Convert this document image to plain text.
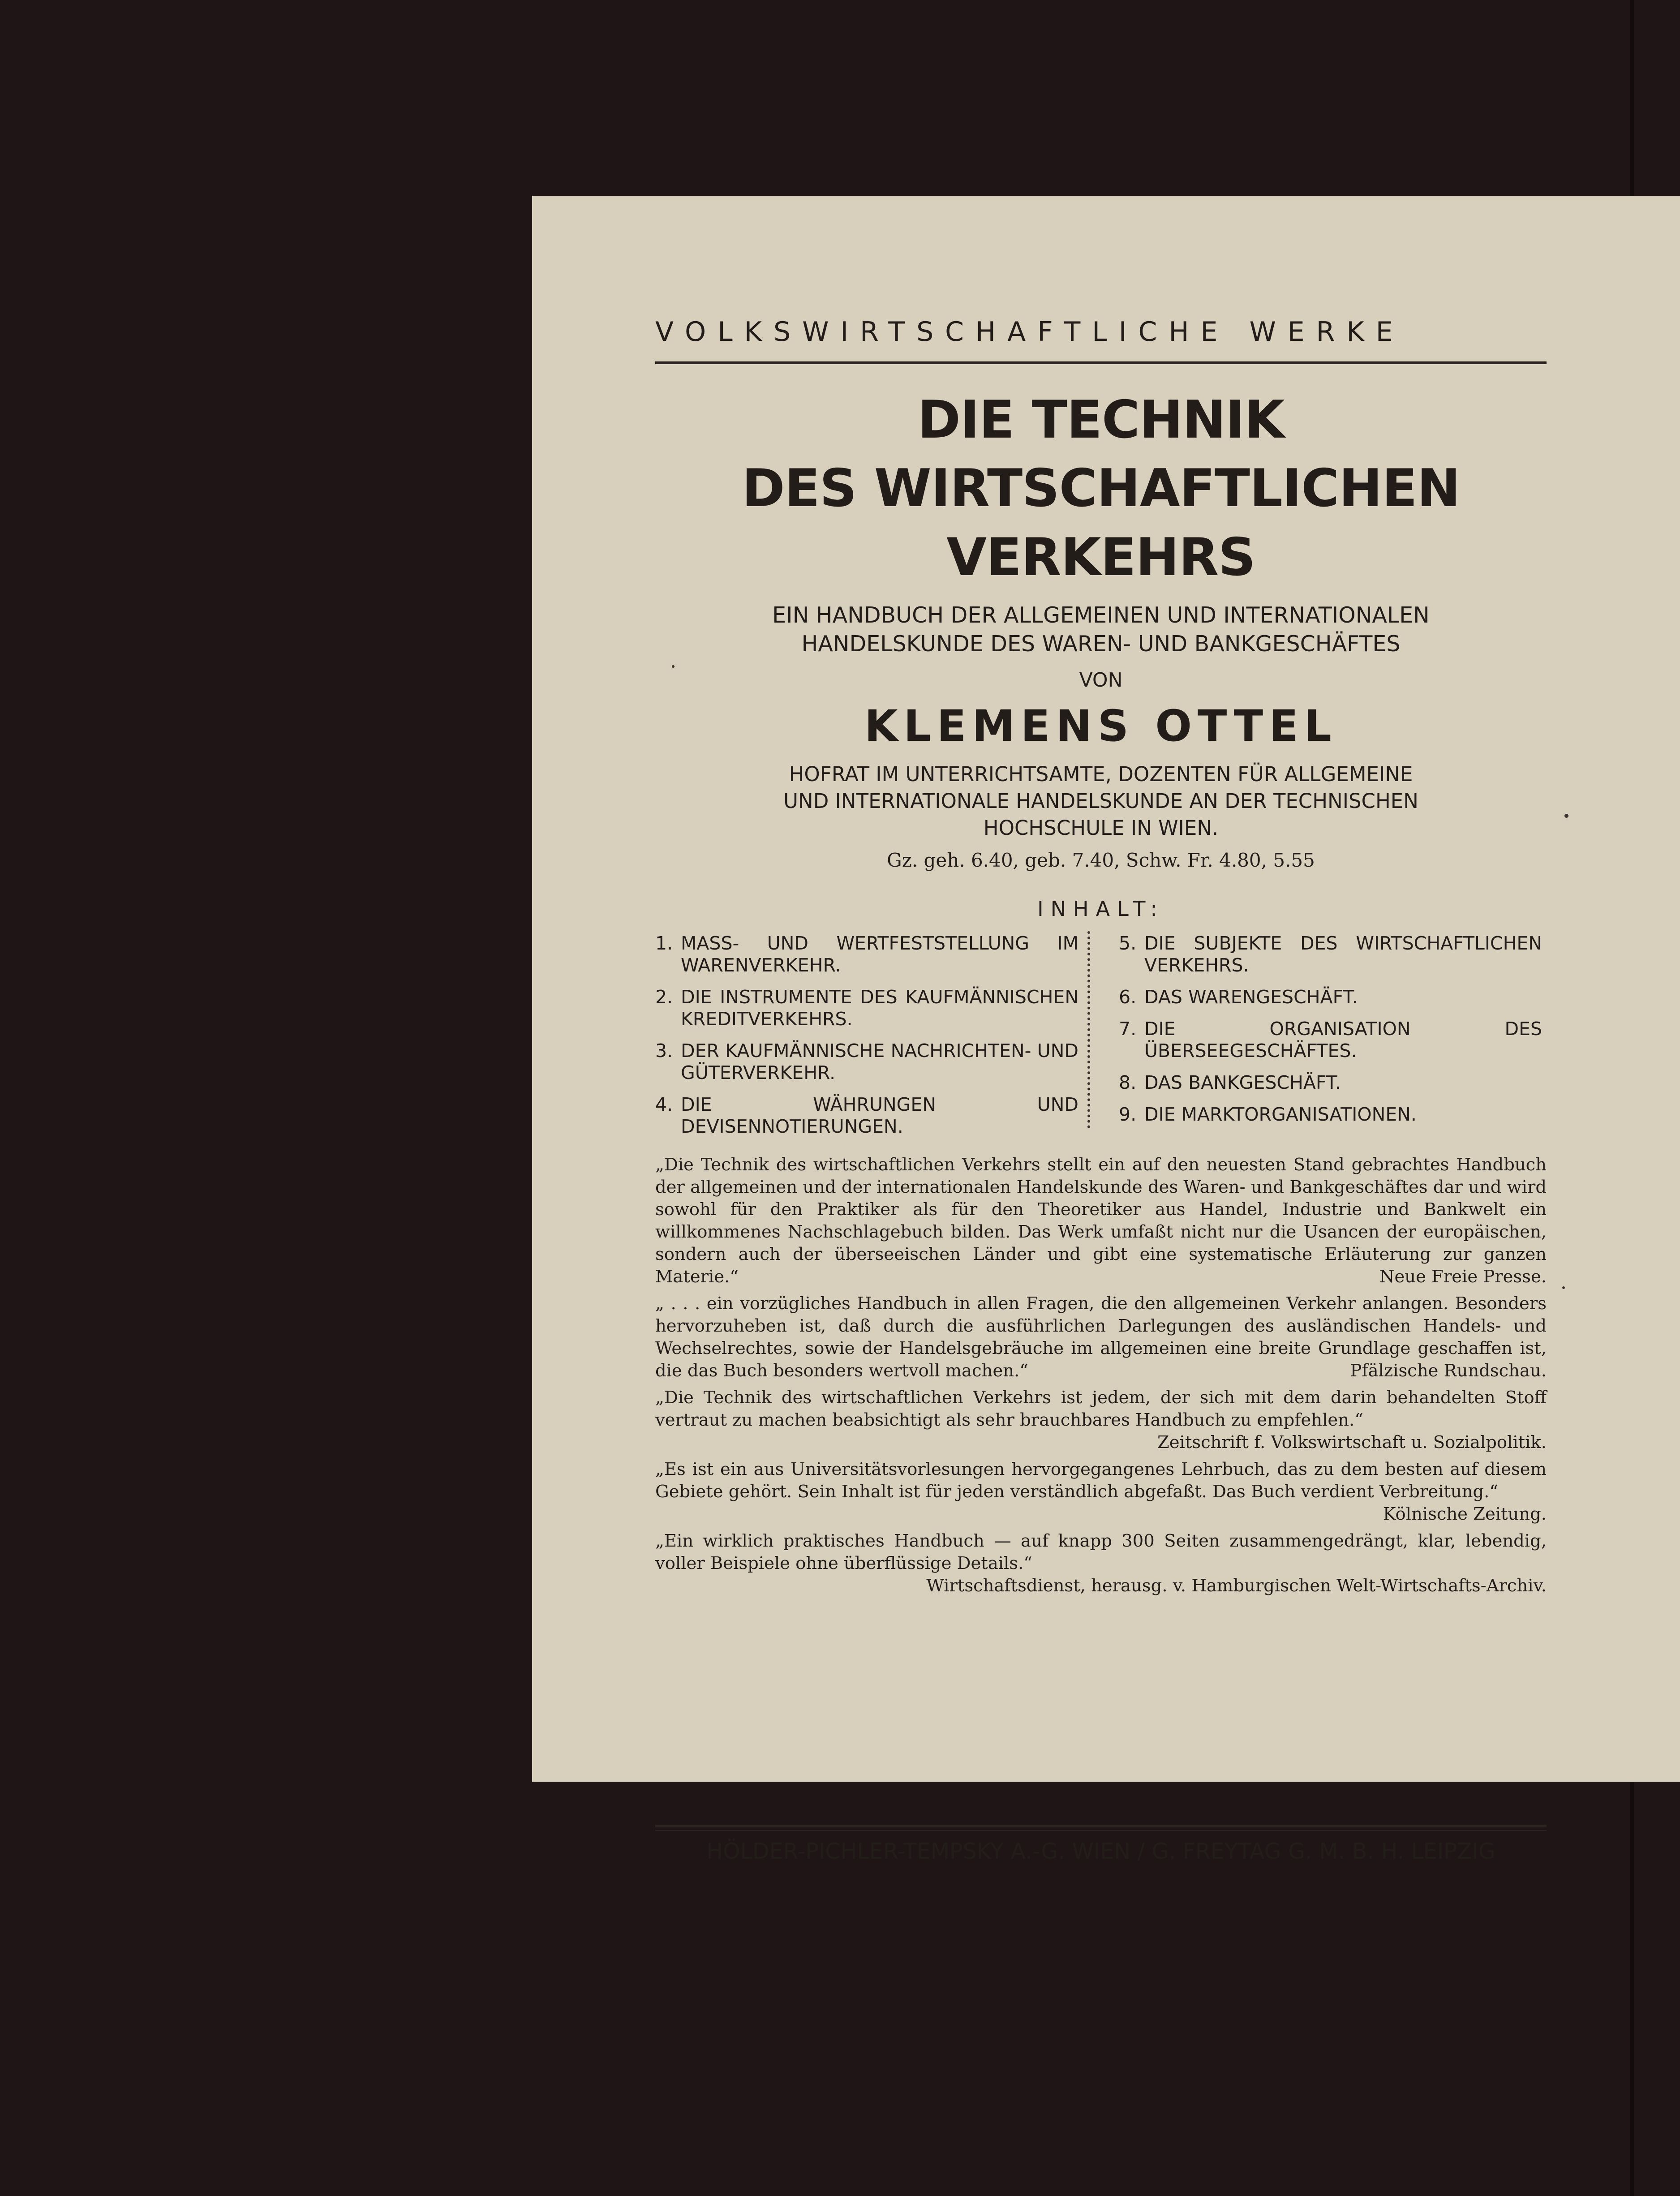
VOLKSWIRTSCHAFTLICHE WERKE
DIE TECHNIK
DES WIRTSCHAFTLICHEN
VERKEHRS
EIN HANDBUCH DER ALLGEMEINEN UND INTERNATIONALEN
HANDELSKUNDE DES WAREN- UND BANKGESCHÄFTES
VON
KLEMENS OTTEL
HOFRAT IM UNTERRICHTSAMTE, DOZENTEN FÜR ALLGEMEINE
UND INTERNATIONALE HANDELSKUNDE AN DER TECHNISCHEN
HOCHSCHULE IN WIEN.
Gz. geh. 6.40, geb. 7.40, Schw. Fr. 4.80, 5.55
INHALT:
1. MASS- UND WERTFESTSTELLUNG IM WARENVERKEHR.
2. DIE INSTRUMENTE DES KAUFMÄNNISCHEN KREDITVERKEHRS.
3. DER KAUFMÄNNISCHE NACHRICHTEN- UND GÜTERVERKEHR.
4. DIE WÄHRUNGEN UND DEVISENNOTIERUNGEN.
5. DIE SUBJEKTE DES WIRTSCHAFTLICHEN VERKEHRS.
6. DAS WARENGESCHÄFT.
7. DIE ORGANISATION DES ÜBERSEEGESCHÄFTES.
8. DAS BANKGESCHÄFT.
9. DIE MARKTORGANISATIONEN.
„Die Technik des wirtschaftlichen Verkehrs stellt ein auf den neuesten Stand gebrachtes Handbuch der allgemeinen und der internationalen Handelskunde des Waren- und Bankgeschäftes dar und wird sowohl für den Praktiker als für den Theoretiker aus Handel, Industrie und Bankwelt ein willkommenes Nachschlagebuch bilden. Das Werk umfaßt nicht nur die Usancen der europäischen, sondern auch der überseeischen Länder und gibt eine systematische Erläuterung zur ganzen Materie.“	Neue Freie Presse.
„ . . . ein vorzügliches Handbuch in allen Fragen, die den allgemeinen Verkehr anlangen. Besonders hervorzuheben ist, daß durch die ausführlichen Darlegungen des ausländischen Handels- und Wechselrechtes, sowie der Handelsgebräuche im allgemeinen eine breite Grundlage geschaffen ist, die das Buch besonders wertvoll machen.“	Pfälzische Rundschau.
„Die Technik des wirtschaftlichen Verkehrs ist jedem, der sich mit dem darin behandelten Stoff vertraut zu machen beabsichtigt als sehr brauchbares Handbuch zu empfehlen.“
Zeitschrift f. Volkswirtschaft u. Sozialpolitik.
„Es ist ein aus Universitätsvorlesungen hervorgegangenes Lehrbuch, das zu dem besten auf diesem Gebiete gehört. Sein Inhalt ist für jeden verständlich abgefaßt. Das Buch verdient Verbreitung.“
Kölnische Zeitung.
„Ein wirklich praktisches Handbuch — auf knapp 300 Seiten zusammengedrängt, klar, lebendig, voller Beispiele ohne überflüssige Details.“
Wirtschaftsdienst, herausg. v. Hamburgischen Welt-Wirtschafts-Archiv.
HÖLDER-PICHLER-TEMPSKY A.-G. WIEN / G. FREYTAG G. M. B. H. LEIPZIG
